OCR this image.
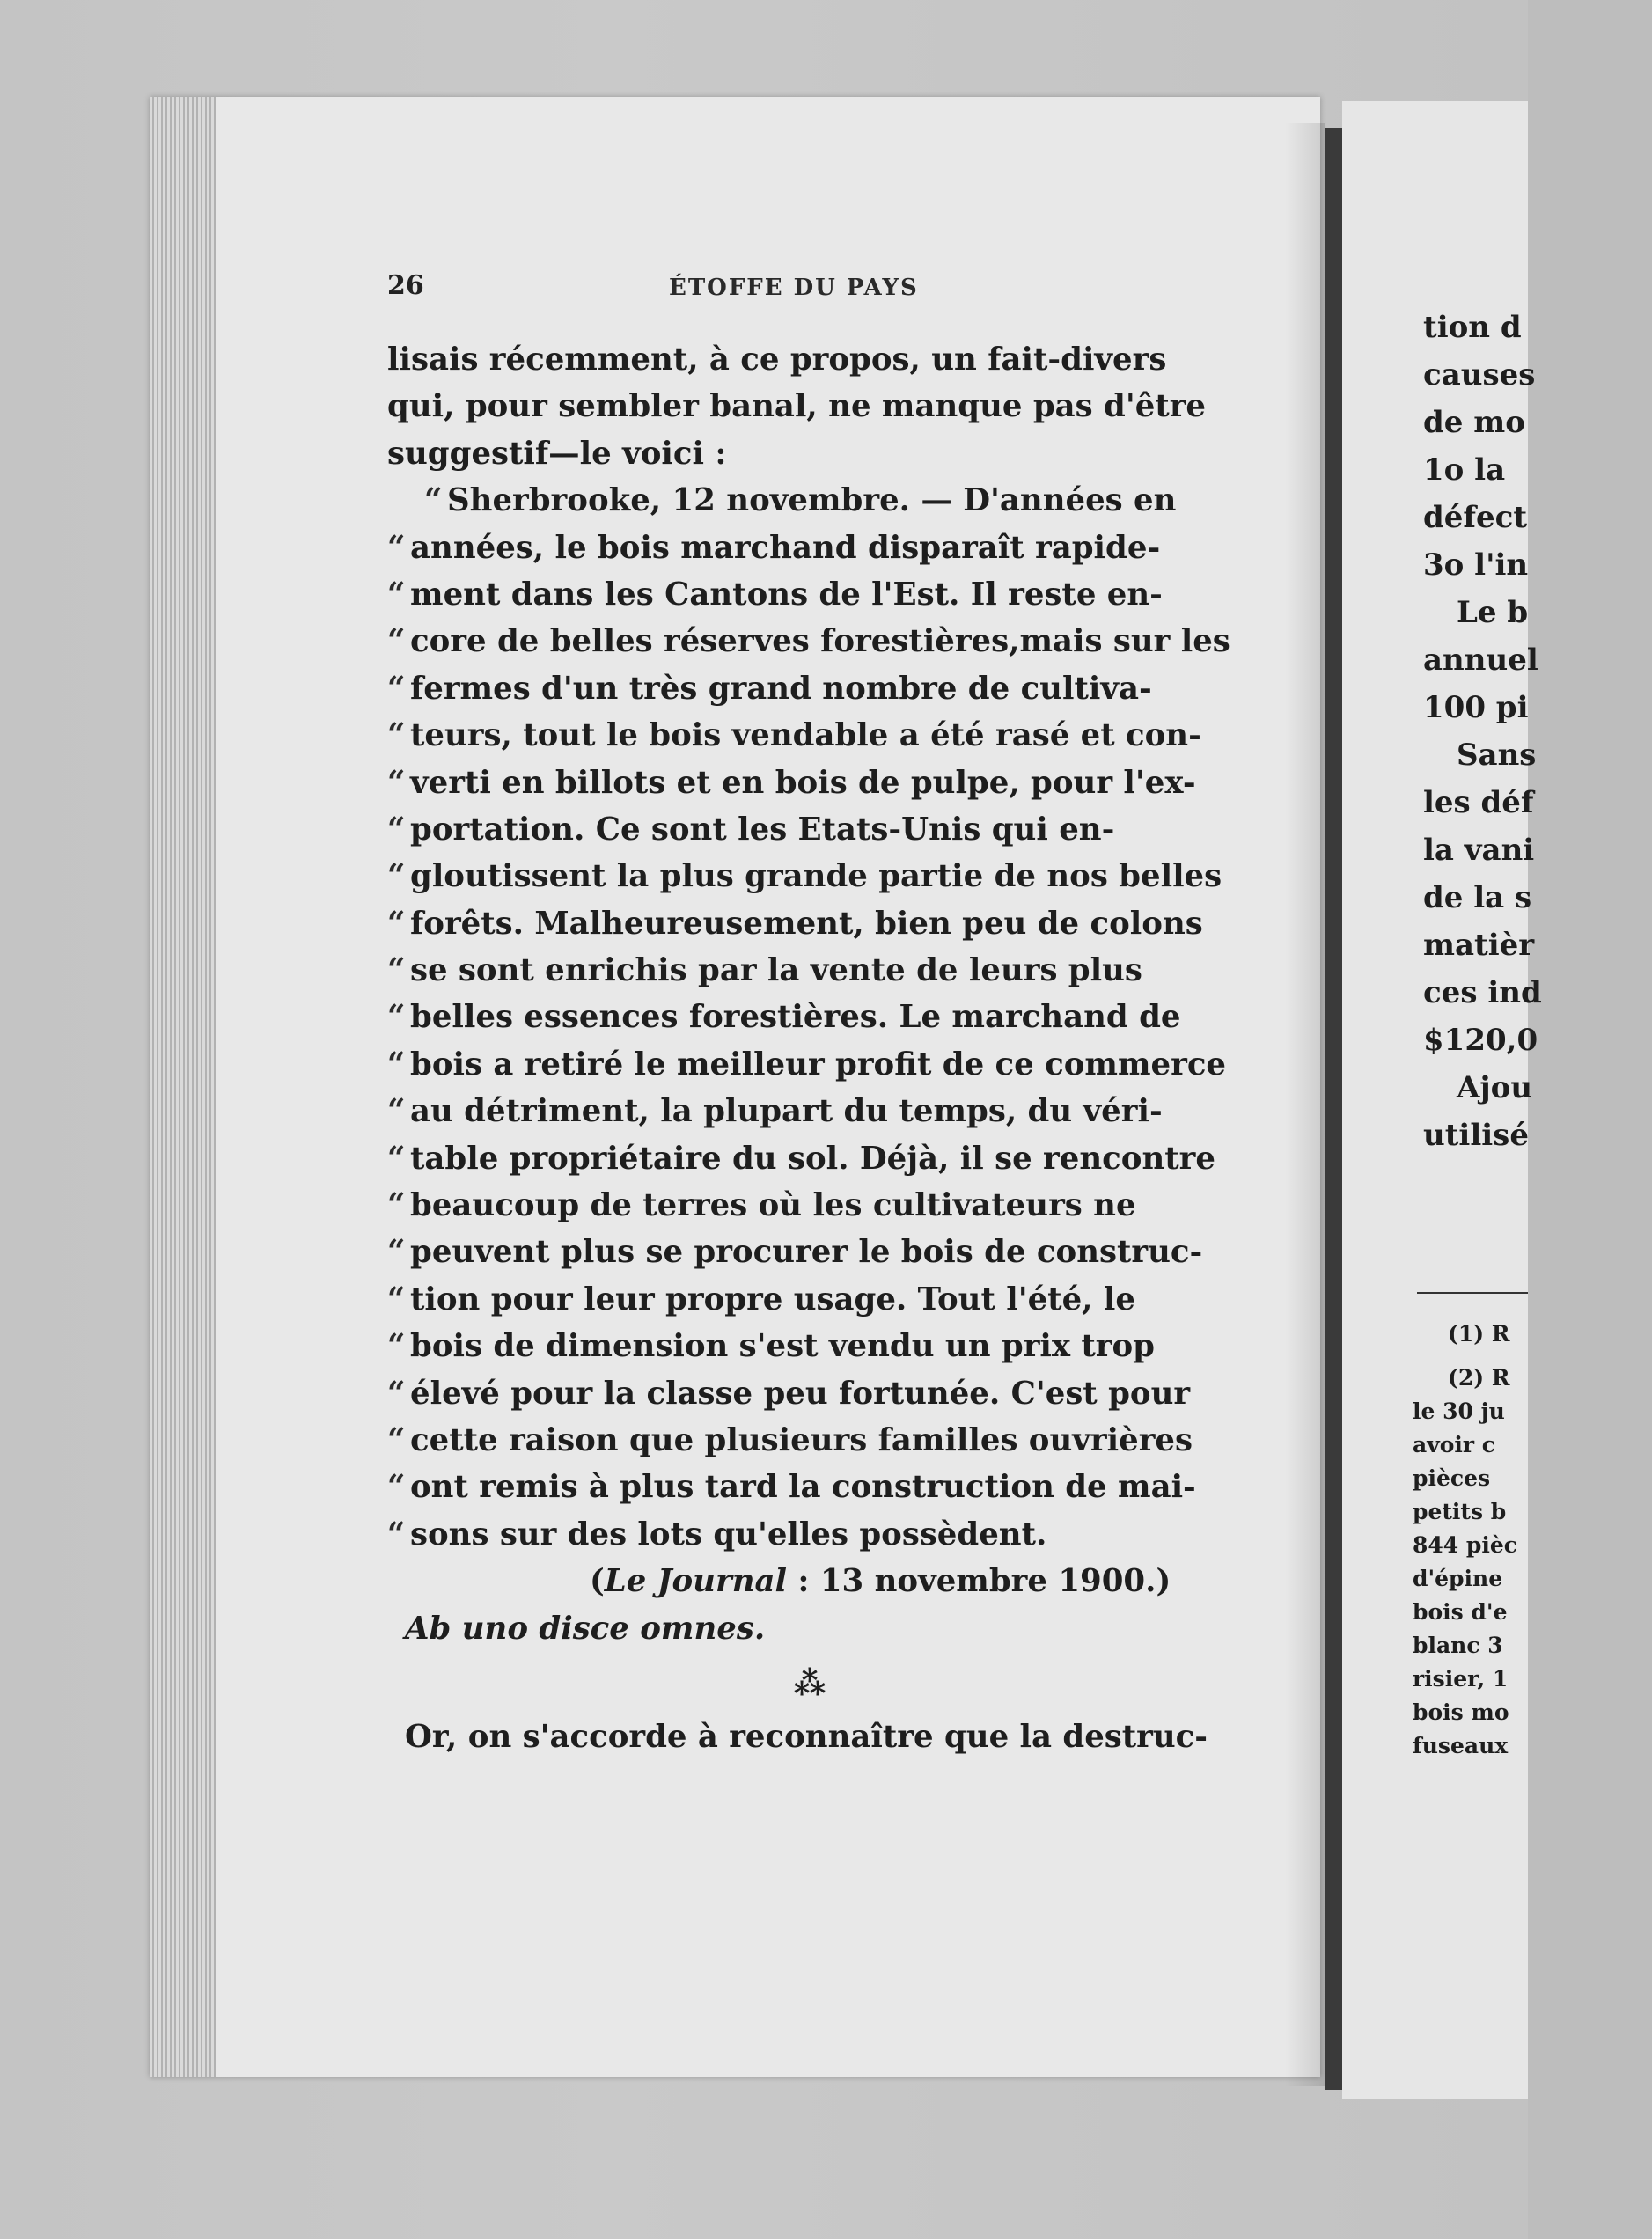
26	ÉTOFFE DU PAYS
lisais récemment, à ce propos, un fait-divers
qui, pour sembler banal, ne manque pas d'être
suggestif—le voici :
“ Sherbrooke, 12 novembre. — D'années en
“ années, le bois marchand disparaît rapide-
“ ment dans les Cantons de l'Est. Il reste en-
“ core de belles réserves forestières,mais sur les
“ fermes d'un très grand nombre de cultiva-
“ teurs, tout le bois vendable a été rasé et con-
“ verti en billots et en bois de pulpe, pour l'ex-
“ portation. Ce sont les Etats-Unis qui en-
“ gloutissent la plus grande partie de nos belles
“ forêts. Malheureusement, bien peu de colons
“ se sont enrichis par la vente de leurs plus
“ belles essences forestières. Le marchand de
“ bois a retiré le meilleur profit de ce commerce
“ au détriment, la plupart du temps, du véri-
“ table propriétaire du sol. Déjà, il se rencontre
“ beaucoup de terres où les cultivateurs ne
“ peuvent plus se procurer le bois de construc-
“ tion pour leur propre usage. Tout l'été, le
“ bois de dimension s'est vendu un prix trop
“ élevé pour la classe peu fortunée. C'est pour
“ cette raison que plusieurs familles ouvrières
“ ont remis à plus tard la construction de mai-
“ sons sur des lots qu'elles possèdent.
(Le Journal : 13 novembre 1900.)
Ab uno disce omnes.
⁂
Or, on s'accorde à reconnaître que la destruc-
tion d
causes
de mo
1o la
défect
3o l'in
Le b
annuel
100 pi
Sans
les déf
la vani
de la s
matièr
ces ind
$120,0
Ajou
utilisé
(1) R
(2) R
le 30 ju
avoir c
pièces
petits b
844 pièc
d'épine
bois d'e
blanc 3
risier, 1
bois mo
fuseaux
